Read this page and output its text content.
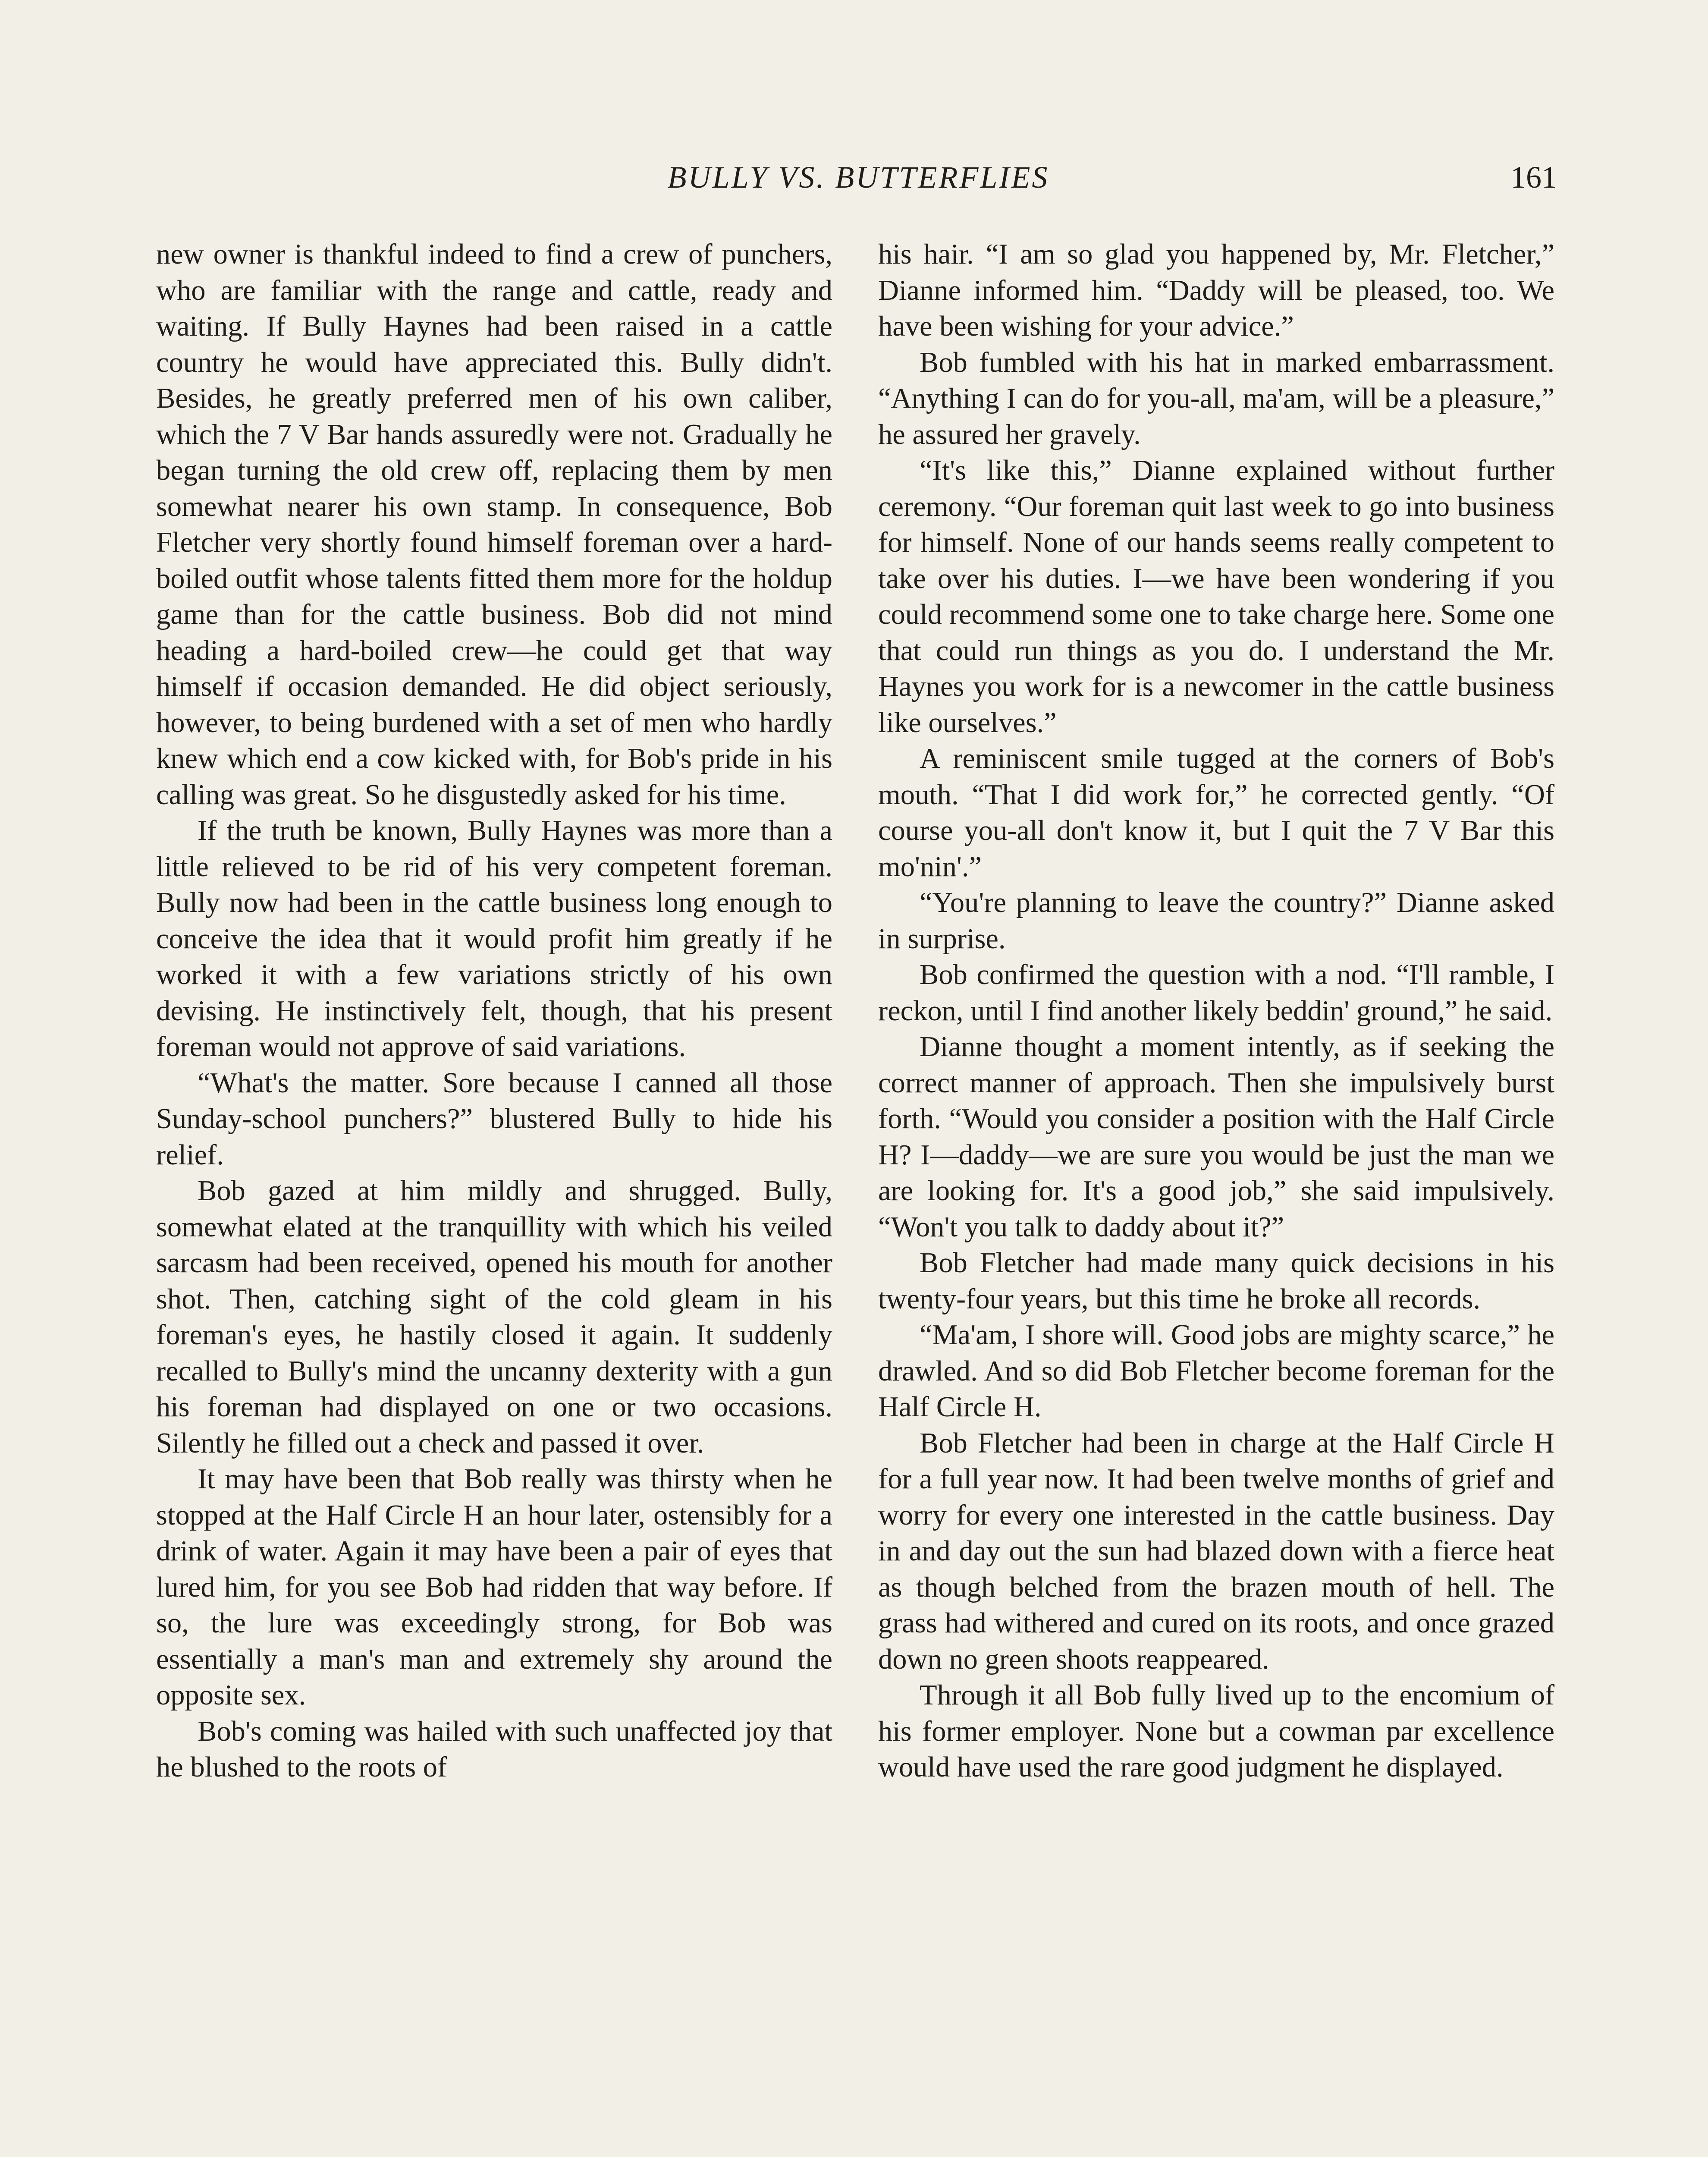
BULLY VS. BUTTERFLIES	161

new owner is thankful indeed to find a crew of punchers, who are familiar with the range and cattle, ready and waiting. If Bully Haynes had been raised in a cattle country he would have appreciated this. Bully didn't. Besides, he greatly preferred men of his own caliber, which the 7 V Bar hands assuredly were not. Gradually he began turning the old crew off, replacing them by men somewhat nearer his own stamp. In consequence, Bob Fletcher very shortly found himself foreman over a hard-boiled outfit whose talents fitted them more for the holdup game than for the cattle business. Bob did not mind heading a hard-boiled crew—he could get that way himself if occasion demanded. He did object seriously, however, to being burdened with a set of men who hardly knew which end a cow kicked with, for Bob's pride in his calling was great. So he disgustedly asked for his time.

If the truth be known, Bully Haynes was more than a little relieved to be rid of his very competent foreman. Bully now had been in the cattle business long enough to conceive the idea that it would profit him greatly if he worked it with a few variations strictly of his own devising. He instinctively felt, though, that his present foreman would not approve of said variations.

“What's the matter. Sore because I canned all those Sunday-school punchers?” blustered Bully to hide his relief.

Bob gazed at him mildly and shrugged. Bully, somewhat elated at the tranquillity with which his veiled sarcasm had been received, opened his mouth for another shot. Then, catching sight of the cold gleam in his foreman's eyes, he hastily closed it again. It suddenly recalled to Bully's mind the uncanny dexterity with a gun his foreman had displayed on one or two occasions. Silently he filled out a check and passed it over.

It may have been that Bob really was thirsty when he stopped at the Half Circle H an hour later, ostensibly for a drink of water. Again it may have been a pair of eyes that lured him, for you see Bob had ridden that way before. If so, the lure was exceedingly strong, for Bob was essentially a man's man and extremely shy around the opposite sex.

Bob's coming was hailed with such unaffected joy that he blushed to the roots of

his hair. “I am so glad you happened by, Mr. Fletcher,” Dianne informed him. “Daddy will be pleased, too. We have been wishing for your advice.”

Bob fumbled with his hat in marked embarrassment. “Anything I can do for you-all, ma'am, will be a pleasure,” he assured her gravely.

“It's like this,” Dianne explained without further ceremony. “Our foreman quit last week to go into business for himself. None of our hands seems really competent to take over his duties. I—we have been wondering if you could recommend some one to take charge here. Some one that could run things as you do. I understand the Mr. Haynes you work for is a newcomer in the cattle business like ourselves.”

A reminiscent smile tugged at the corners of Bob's mouth. “That I did work for,” he corrected gently. “Of course you-all don't know it, but I quit the 7 V Bar this mo'nin'.”

“You're planning to leave the country?” Dianne asked in surprise.

Bob confirmed the question with a nod. “I'll ramble, I reckon, until I find another likely beddin' ground,” he said.

Dianne thought a moment intently, as if seeking the correct manner of approach. Then she impulsively burst forth. “Would you consider a position with the Half Circle H? I—daddy—we are sure you would be just the man we are looking for. It's a good job,” she said impulsively. “Won't you talk to daddy about it?”

Bob Fletcher had made many quick decisions in his twenty-four years, but this time he broke all records.

“Ma'am, I shore will. Good jobs are mighty scarce,” he drawled. And so did Bob Fletcher become foreman for the Half Circle H.

Bob Fletcher had been in charge at the Half Circle H for a full year now. It had been twelve months of grief and worry for every one interested in the cattle business. Day in and day out the sun had blazed down with a fierce heat as though belched from the brazen mouth of hell. The grass had withered and cured on its roots, and once grazed down no green shoots reappeared.

Through it all Bob fully lived up to the encomium of his former employer. None but a cowman par excellence would have used the rare good judgment he displayed.
